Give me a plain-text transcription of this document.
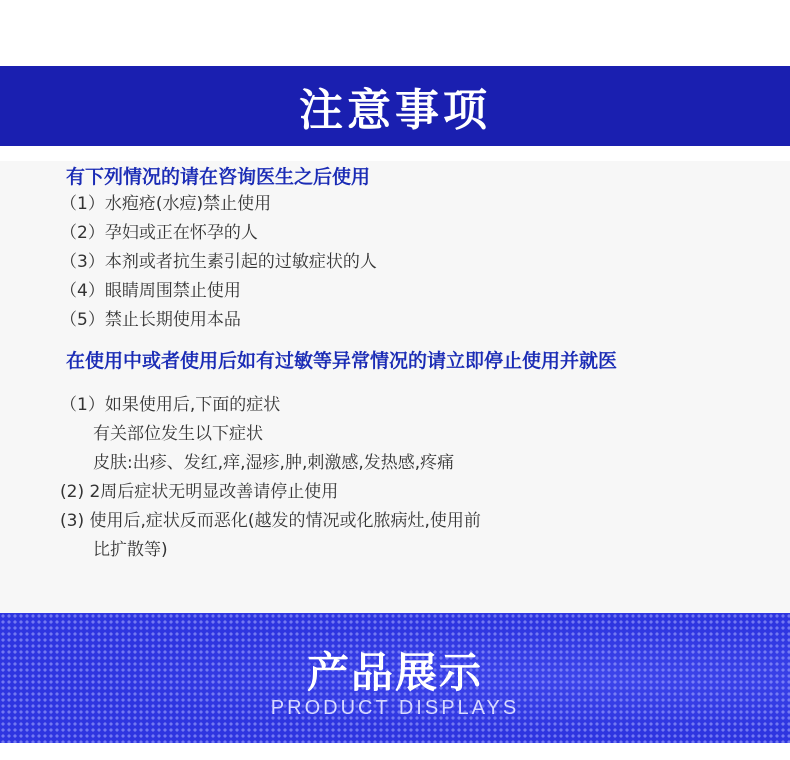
注意事项
有下列情况的请在咨询医生之后使用
（1）水疱疮(水痘)禁止使用
（2）孕妇或正在怀孕的人
（3）本剂或者抗生素引起的过敏症状的人
（4）眼睛周围禁止使用
（5）禁止长期使用本品
在使用中或者使用后如有过敏等异常情况的请立即停止使用并就医
（1）如果使用后,下面的症状
有关部位发生以下症状
皮肤:出疹、发红,痒,湿疹,肿,刺激感,发热感,疼痛
(2) 2周后症状无明显改善请停止使用
(3) 使用后,症状反而恶化(越发的情况或化脓病灶,使用前
比扩散等)
产品展示
PRODUCT DISPLAYS
